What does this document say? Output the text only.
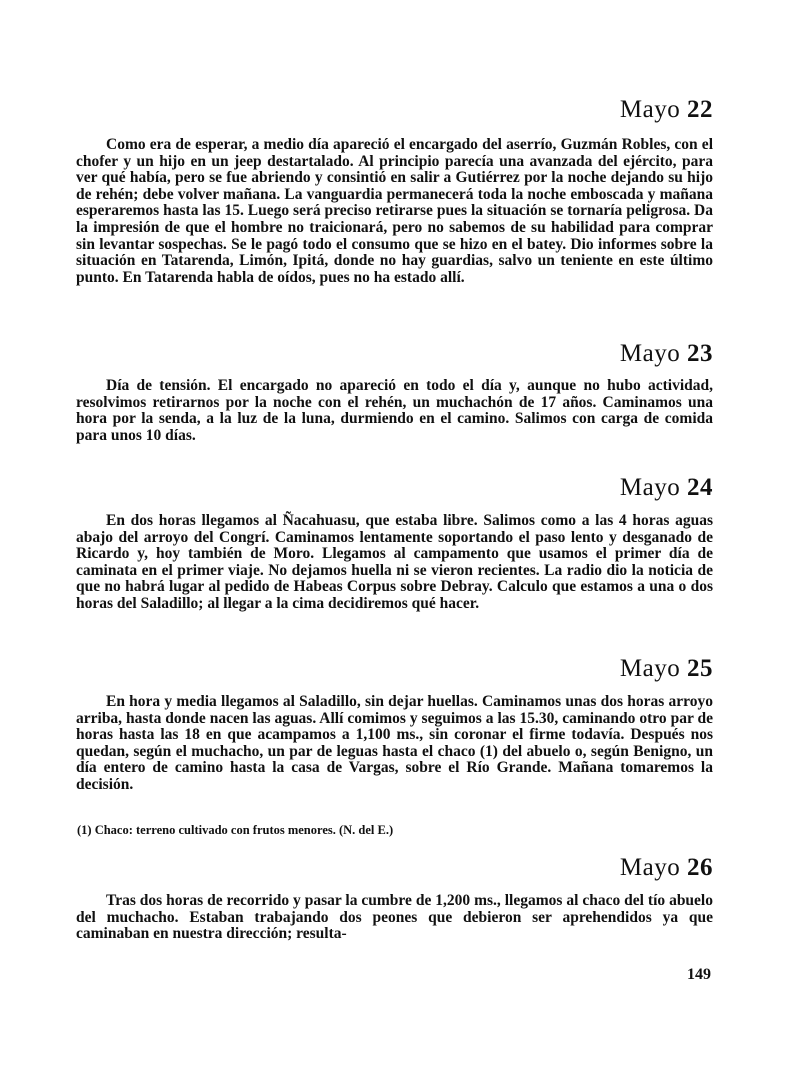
Mayo 22

Como era de esperar, a medio día apareció el encargado del aserrío, Guzmán Robles, con el chofer y un hijo en un jeep destartalado. Al principio parecía una avanzada del ejército, para ver qué había, pero se fue abriendo y consintió en salir a Gutiérrez por la noche dejando su hijo de rehén; debe volver mañana. La vanguardia permanecerá toda la noche emboscada y mañana esperaremos hasta las 15. Luego será preciso retirarse pues la situación se tornaría peligrosa. Da la impresión de que el hombre no traicionará, pero no sabemos de su habilidad para comprar sin levantar sospechas. Se le pagó todo el consumo que se hizo en el batey. Dio informes sobre la situación en Tatarenda, Limón, Ipitá, donde no hay guardias, salvo un teniente en este último punto. En Tatarenda habla de oídos, pues no ha estado allí.

Mayo 23

Día de tensión. El encargado no apareció en todo el día y, aunque no hubo actividad, resolvimos retirarnos por la noche con el rehén, un muchachón de 17 años. Caminamos una hora por la senda, a la luz de la luna, durmiendo en el camino. Salimos con carga de comida para unos 10 días.

Mayo 24

En dos horas llegamos al Ñacahuasu, que estaba libre. Salimos como a las 4 horas aguas abajo del arroyo del Congrí. Caminamos lentamente soportando el paso lento y desganado de Ricardo y, hoy también de Moro. Llegamos al campamento que usamos el primer día de caminata en el primer viaje. No dejamos huella ni se vieron recientes. La radio dio la noticia de que no habrá lugar al pedido de Habeas Corpus sobre Debray. Calculo que estamos a una o dos horas del Saladillo; al llegar a la cima decidiremos qué hacer.

Mayo 25

En hora y media llegamos al Saladillo, sin dejar huellas. Caminamos unas dos horas arroyo arriba, hasta donde nacen las aguas. Allí comimos y seguimos a las 15.30, caminando otro par de horas hasta las 18 en que acampamos a 1,100 ms., sin coronar el firme todavía. Después nos quedan, según el muchacho, un par de leguas hasta el chaco (1) del abuelo o, según Benigno, un día entero de camino hasta la casa de Vargas, sobre el Río Grande. Mañana tomaremos la decisión.

(1) Chaco: terreno cultivado con frutos menores. (N. del E.)

Mayo 26

Tras dos horas de recorrido y pasar la cumbre de 1,200 ms., llegamos al chaco del tío abuelo del muchacho. Estaban trabajando dos peones que debieron ser aprehendidos ya que caminaban en nuestra dirección; resulta-

149
